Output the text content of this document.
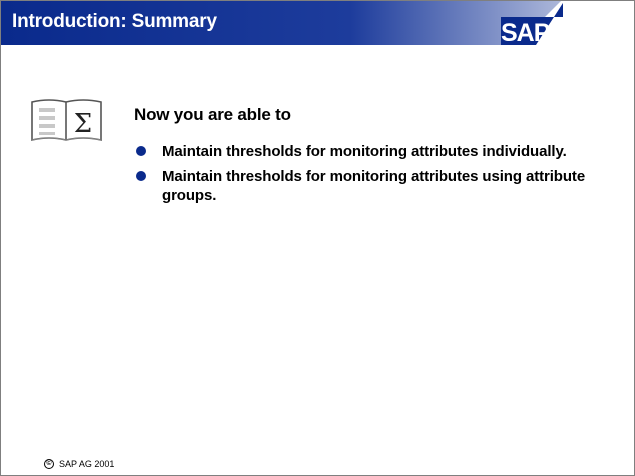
Introduction: Summary	SAP
Σ Now you are able to
Maintain thresholds for monitoring attributes individually.
Maintain thresholds for monitoring attributes using attribute groups.
© SAP AG 2001
